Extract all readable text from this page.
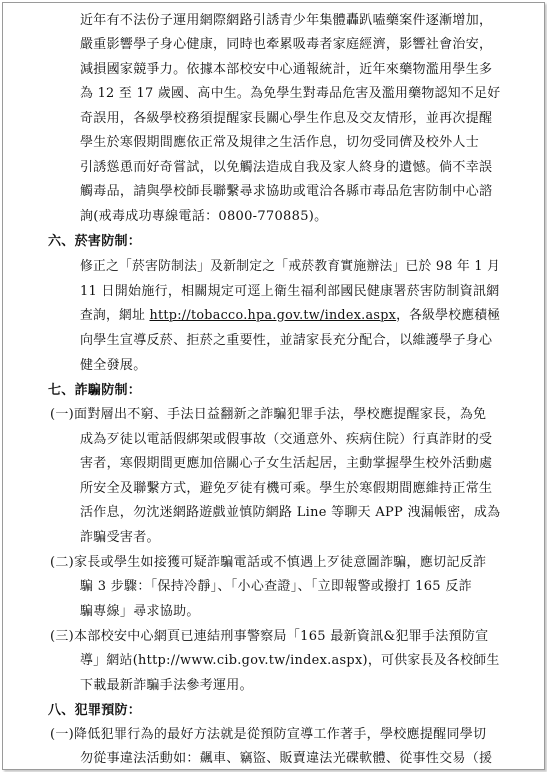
近年有不法份子運用網際網路引誘青少年集體轟趴嗑藥案件逐漸增加，
嚴重影響學子身心健康，同時也牽累吸毒者家庭經濟，影響社會治安，
減損國家競爭力。依據本部校安中心通報統計，近年來藥物濫用學生多
為 12 至 17 歲國、高中生。為免學生對毒品危害及濫用藥物認知不足好
奇誤用，各級學校務須提醒家長關心學生作息及交友情形，並再次提醒
學生於寒假期間應依正常及規律之生活作息，切勿受同儕及校外人士
引誘慫恿而好奇嘗試，以免觸法造成自我及家人終身的遺憾。倘不幸誤
觸毒品，請與學校師長聯繫尋求協助或電洽各縣市毒品危害防制中心諮
詢(戒毒成功專線電話：0800-770885)。
六、菸害防制：
修正之「菸害防制法」及新制定之「戒菸教育實施辦法」已於 98 年 1 月
11 日開始施行，相關規定可逕上衛生福利部國民健康署菸害防制資訊網
查詢，網址 http://tobacco.hpa.gov.tw/index.aspx，各級學校應積極
向學生宣導反菸、拒菸之重要性，並請家長充分配合，以維護學子身心
健全發展。
七、詐騙防制：
(一)面對層出不窮、手法日益翻新之詐騙犯罪手法，學校應提醒家長，為免
成為歹徒以電話假綁架或假事故（交通意外、疾病住院）行真詐財的受
害者，寒假期間更應加倍關心子女生活起居，主動掌握學生校外活動處
所安全及聯繫方式，避免歹徒有機可乘。學生於寒假期間應維持正常生
活作息，勿沈迷網路遊戲並慎防網路 Line 等聊天 APP 洩漏帳密，成為
詐騙受害者。
(二)家長或學生如接獲可疑詐騙電話或不慎遇上歹徒意圖詐騙，應切記反詐
騙 3 步驟：「保持冷靜」、「小心查證」、「立即報警或撥打 165 反詐
騙專線」尋求協助。
(三)本部校安中心網頁已連結刑事警察局「165 最新資訊&犯罪手法預防宣
導」網站(http://www.cib.gov.tw/index.aspx)，可供家長及各校師生
下載最新詐騙手法參考運用。
八、犯罪預防：
(一)降低犯罪行為的最好方法就是從預防宣導工作著手，學校應提醒同學切
勿從事違法活動如：飆車、竊盜、販賣違法光碟軟體、從事性交易（援
